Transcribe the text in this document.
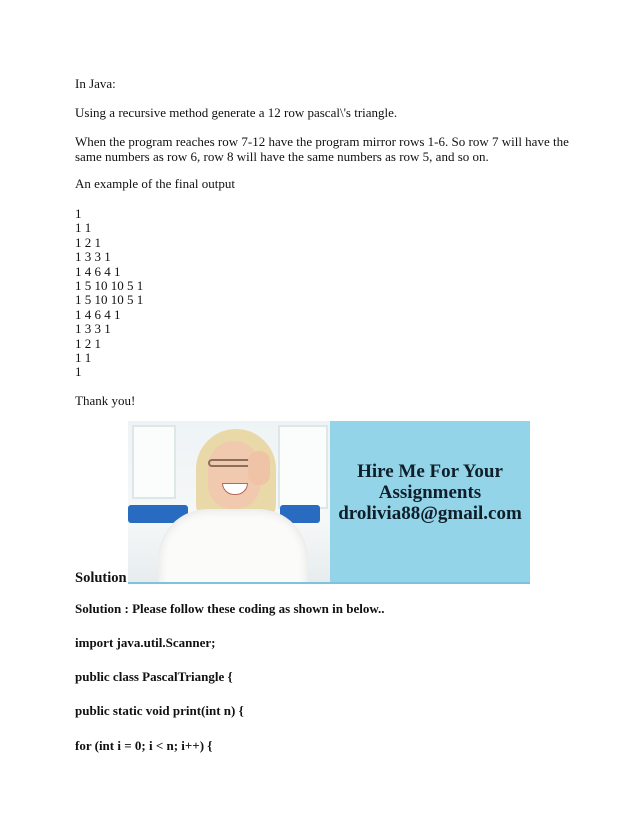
In Java:
Using a recursive method generate a 12 row pascal\'s triangle.
When the program reaches row 7-12 have the program mirror rows 1-6. So row 7 will have the
same numbers as row 6, row 8 will have the same numbers as row 5, and so on.
An example of the final output
1
1 1
1 2 1
1 3 3 1
1 4 6 4 1
1 5 10 10 5 1
1 5 10 10 5 1
1 4 6 4 1
1 3 3 1
1 2 1
1 1
1
Thank you!
Hire Me For Your
Assignments
drolivia88@gmail.com
Solution
Solution : Please follow these coding as shown in below..
import java.util.Scanner;
public class PascalTriangle {
public static void print(int n) {
for (int i = 0; i < n; i++) {
